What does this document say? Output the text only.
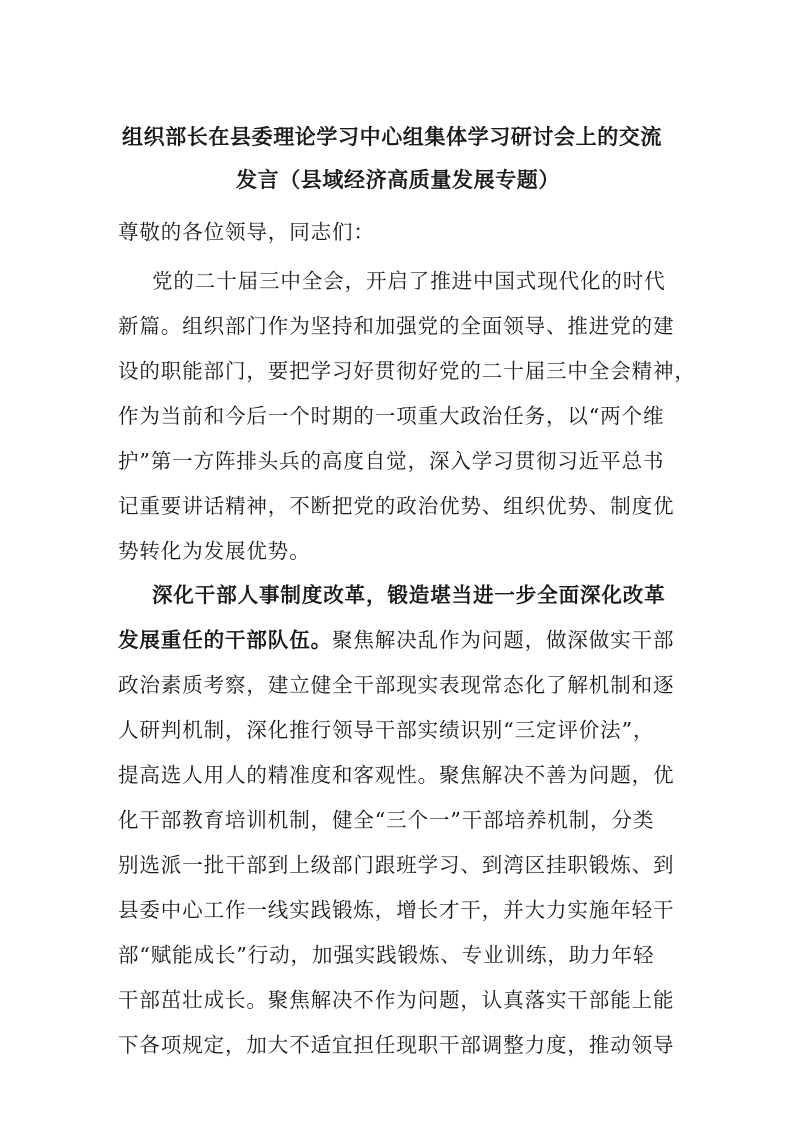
组织部长在县委理论学习中心组集体学习研讨会上的交流
发言（县域经济高质量发展专题）

尊敬的各位领导，同志们：

党的二十届三中全会，开启了推进中国式现代化的时代

新篇。组织部门作为坚持和加强党的全面领导、推进党的建

设的职能部门，要把学习好贯彻好党的二十届三中全会精神，

作为当前和今后一个时期的一项重大政治任务，以“两个维

护”第一方阵排头兵的高度自觉，深入学习贯彻习近平总书

记重要讲话精神，不断把党的政治优势、组织优势、制度优

势转化为发展优势。

深化干部人事制度改革，锻造堪当进一步全面深化改革

发展重任的干部队伍。聚焦解决乱作为问题，做深做实干部

政治素质考察，建立健全干部现实表现常态化了解机制和逐

人研判机制，深化推行领导干部实绩识别“三定评价法”，

提高选人用人的精准度和客观性。聚焦解决不善为问题，优

化干部教育培训机制，健全“三个一”干部培养机制，分类

别选派一批干部到上级部门跟班学习、到湾区挂职锻炼、到

县委中心工作一线实践锻炼，增长才干，并大力实施年轻干

部“赋能成长”行动，加强实践锻炼、专业训练，助力年轻

干部茁壮成长。聚焦解决不作为问题，认真落实干部能上能

下各项规定，加大不适宜担任现职干部调整力度，推动领导
